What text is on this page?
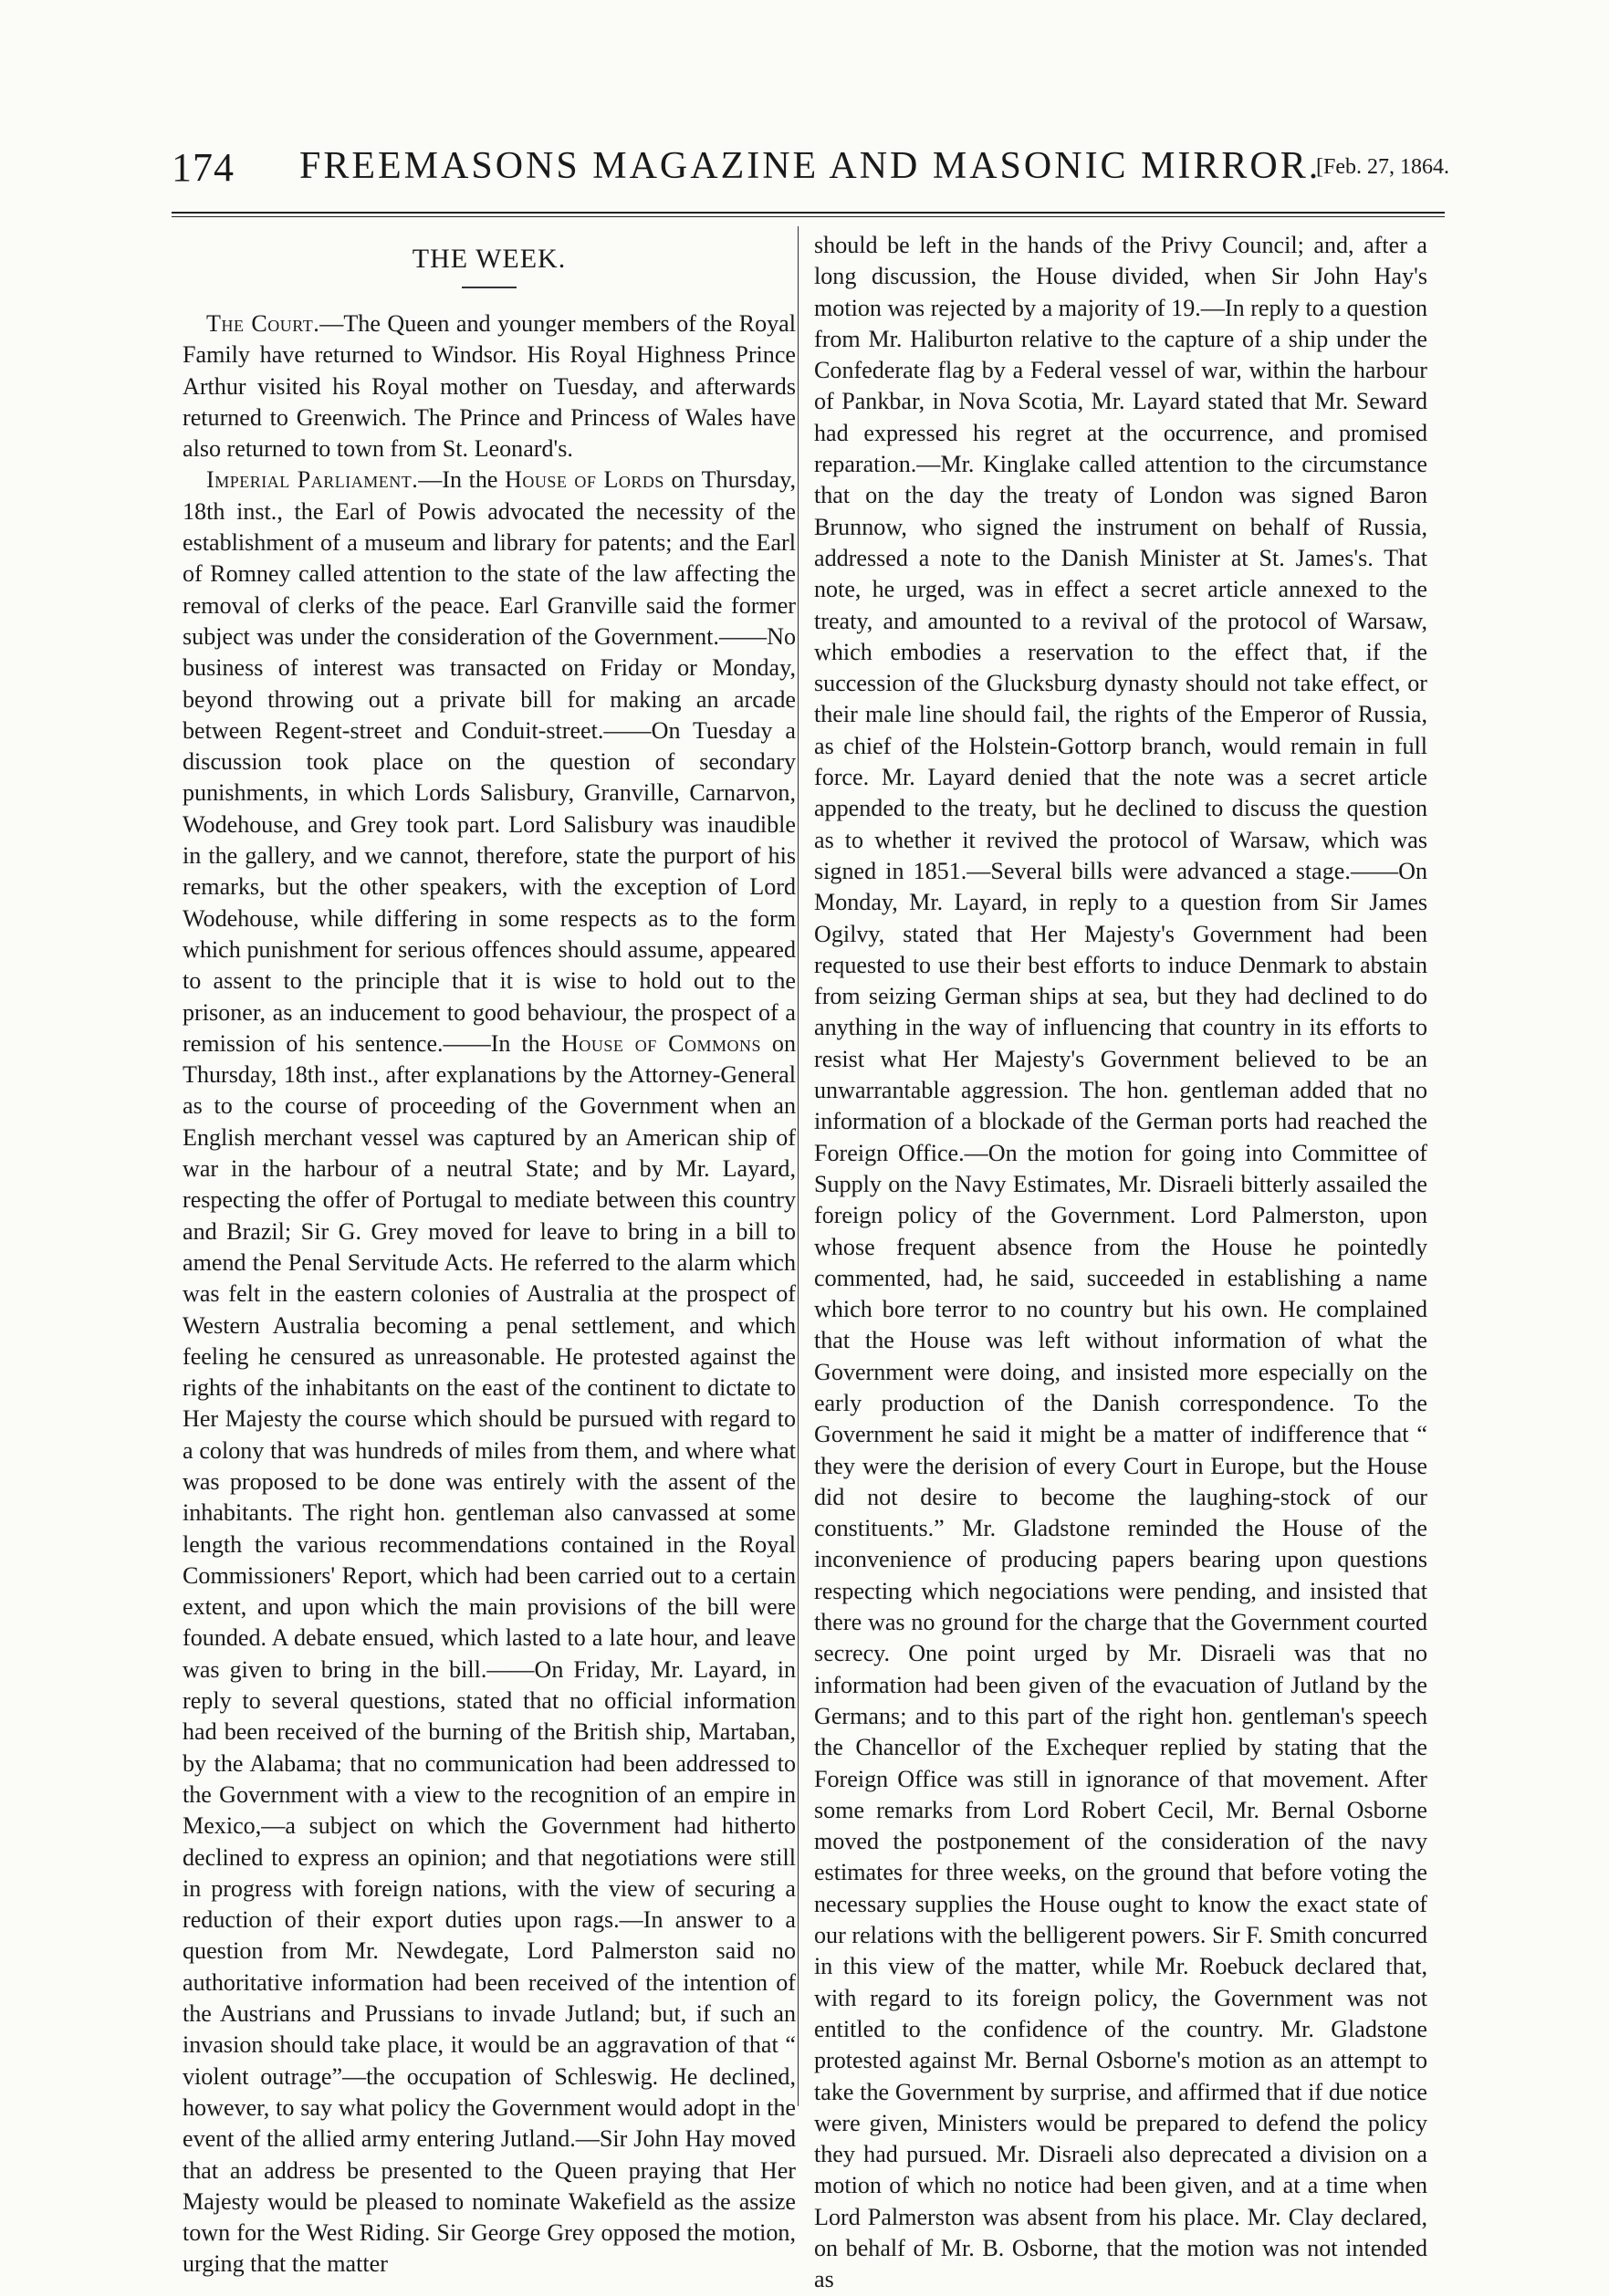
174 FREEMASONS MAGAZINE AND MASONIC MIRROR.
[Feb. 27, 1864.
THE WEEK.

The Court.—The Queen and younger members of the Royal Family have returned to Windsor. His Royal Highness Prince Arthur visited his Royal mother on Tuesday, and afterwards returned to Greenwich. The Prince and Princess of Wales have also returned to town from St. Leonard's.

Imperial Parliament.—In the House of Lords on Thursday, 18th inst., the Earl of Powis advocated the necessity of the establishment of a museum and library for patents; and the Earl of Romney called attention to the state of the law affecting the removal of clerks of the peace. Earl Granville said the former subject was under the consideration of the Government.——No business of interest was transacted on Friday or Monday, beyond throwing out a private bill for making an arcade between Regent-street and Conduit-street.——On Tuesday a discussion took place on the question of secondary punishments, in which Lords Salisbury, Granville, Carnarvon, Wodehouse, and Grey took part. Lord Salisbury was inaudible in the gallery, and we cannot, therefore, state the purport of his remarks, but the other speakers, with the exception of Lord Wodehouse, while differing in some respects as to the form which punishment for serious offences should assume, appeared to assent to the principle that it is wise to hold out to the prisoner, as an inducement to good behaviour, the prospect of a remission of his sentence.——In the House of Commons on Thursday, 18th inst., after explanations by the Attorney-General as to the course of proceeding of the Government when an English merchant vessel was captured by an American ship of war in the harbour of a neutral State; and by Mr. Layard, respecting the offer of Portugal to mediate between this country and Brazil; Sir G. Grey moved for leave to bring in a bill to amend the Penal Servitude Acts. He referred to the alarm which was felt in the eastern colonies of Australia at the prospect of Western Australia becoming a penal settlement, and which feeling he censured as unreasonable. He protested against the rights of the inhabitants on the east of the continent to dictate to Her Majesty the course which should be pursued with regard to a colony that was hundreds of miles from them, and where what was proposed to be done was entirely with the assent of the inhabitants. The right hon. gentleman also canvassed at some length the various recommendations contained in the Royal Commissioners' Report, which had been carried out to a certain extent, and upon which the main provisions of the bill were founded. A debate ensued, which lasted to a late hour, and leave was given to bring in the bill.——On Friday, Mr. Layard, in reply to several questions, stated that no official information had been received of the burning of the British ship, Martaban, by the Alabama; that no communication had been addressed to the Government with a view to the recognition of an empire in Mexico,—a subject on which the Government had hitherto declined to express an opinion; and that negotiations were still in progress with foreign nations, with the view of securing a reduction of their export duties upon rags.—In answer to a question from Mr. Newdegate, Lord Palmerston said no authoritative information had been received of the intention of the Austrians and Prussians to invade Jutland; but, if such an invasion should take place, it would be an aggravation of that “ violent outrage”—the occupation of Schleswig. He declined, however, to say what policy the Government would adopt in the event of the allied army entering Jutland.—Sir John Hay moved that an address be presented to the Queen praying that Her Majesty would be pleased to nominate Wakefield as the assize town for the West Riding. Sir George Grey opposed the motion, urging that the matter

should be left in the hands of the Privy Council; and, after a long discussion, the House divided, when Sir John Hay's motion was rejected by a majority of 19.—In reply to a question from Mr. Haliburton relative to the capture of a ship under the Confederate flag by a Federal vessel of war, within the harbour of Pankbar, in Nova Scotia, Mr. Layard stated that Mr. Seward had expressed his regret at the occurrence, and promised reparation.—Mr. Kinglake called attention to the circumstance that on the day the treaty of London was signed Baron Brunnow, who signed the instrument on behalf of Russia, addressed a note to the Danish Minister at St. James's. That note, he urged, was in effect a secret article annexed to the treaty, and amounted to a revival of the protocol of Warsaw, which embodies a reservation to the effect that, if the succession of the Glucksburg dynasty should not take effect, or their male line should fail, the rights of the Emperor of Russia, as chief of the Holstein-Gottorp branch, would remain in full force. Mr. Layard denied that the note was a secret article appended to the treaty, but he declined to discuss the question as to whether it revived the protocol of Warsaw, which was signed in 1851.—Several bills were advanced a stage.——On Monday, Mr. Layard, in reply to a question from Sir James Ogilvy, stated that Her Majesty's Government had been requested to use their best efforts to induce Denmark to abstain from seizing German ships at sea, but they had declined to do anything in the way of influencing that country in its efforts to resist what Her Majesty's Government believed to be an unwarrantable aggression. The hon. gentleman added that no information of a blockade of the German ports had reached the Foreign Office.—On the motion for going into Committee of Supply on the Navy Estimates, Mr. Disraeli bitterly assailed the foreign policy of the Government. Lord Palmerston, upon whose frequent absence from the House he pointedly commented, had, he said, succeeded in establishing a name which bore terror to no country but his own. He complained that the House was left without information of what the Government were doing, and insisted more especially on the early production of the Danish correspondence. To the Government he said it might be a matter of indifference that “ they were the derision of every Court in Europe, but the House did not desire to become the laughing-stock of our constituents.” Mr. Gladstone reminded the House of the inconvenience of producing papers bearing upon questions respecting which negociations were pending, and insisted that there was no ground for the charge that the Government courted secrecy. One point urged by Mr. Disraeli was that no information had been given of the evacuation of Jutland by the Germans; and to this part of the right hon. gentleman's speech the Chancellor of the Exchequer replied by stating that the Foreign Office was still in ignorance of that movement. After some remarks from Lord Robert Cecil, Mr. Bernal Osborne moved the postponement of the consideration of the navy estimates for three weeks, on the ground that before voting the necessary supplies the House ought to know the exact state of our relations with the belligerent powers. Sir F. Smith concurred in this view of the matter, while Mr. Roebuck declared that, with regard to its foreign policy, the Government was not entitled to the confidence of the country. Mr. Gladstone protested against Mr. Bernal Osborne's motion as an attempt to take the Government by surprise, and affirmed that if due notice were given, Ministers would be prepared to defend the policy they had pursued. Mr. Disraeli also deprecated a division on a motion of which no notice had been given, and at a time when Lord Palmerston was absent from his place. Mr. Clay declared, on behalf of Mr. B. Osborne, that the motion was not intended as
